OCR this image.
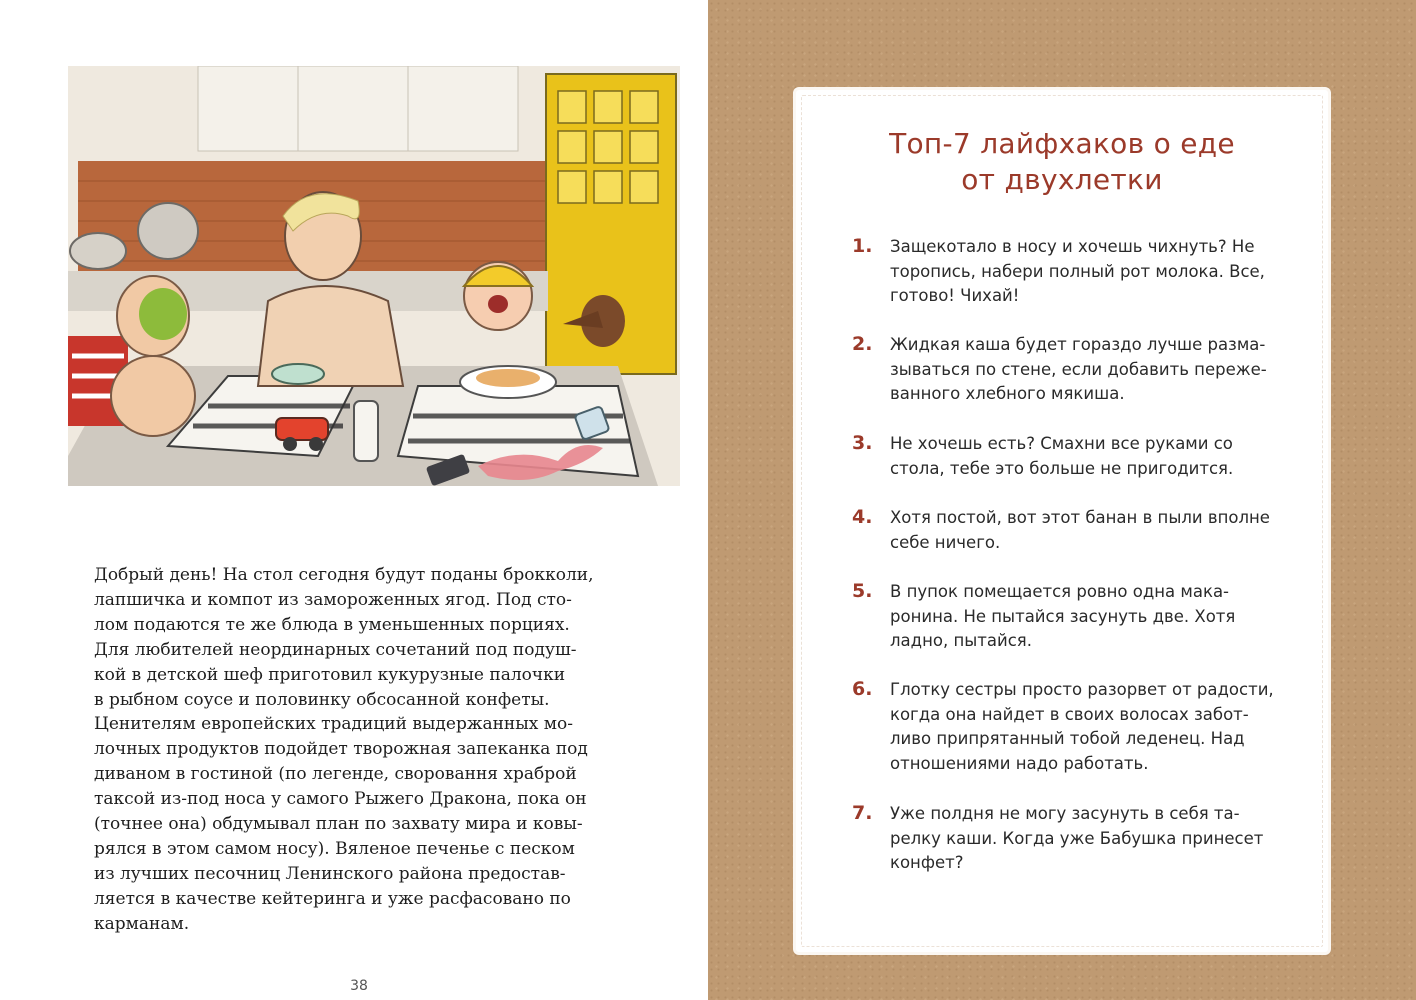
Добрый день! На стол сегодня будут поданы брокколи,
лапшичка и компот из замороженных ягод. Под сто-
лом подаются те же блюда в уменьшенных порциях.
Для любителей неординарных сочетаний под подуш-
кой в детской шеф приготовил кукурузные палочки
в рыбном соусе и половинку обсосанной конфеты.
Ценителям европейских традиций выдержанных мо-
лочных продуктов подойдет творожная запеканка под
диваном в гостиной (по легенде, своровання храброй
таксой из-под носа у самого Рыжего Дракона, пока он
(точнее она) обдумывал план по захвату мира и ковы-
рялся в этом самом носу). Вяленое печенье с песком
из лучших песочниц Ленинского района предостав-
ляется в качестве кейтеринга и уже расфасовано по
карманам.

38
Топ-7 лайфхаков о еде
от двухлетки
1. Защекотало в носу и хочешь чихнуть? Не
торопись, набери полный рот молока. Все,
готово! Чихай!
2. Жидкая каша будет гораздо лучше разма-
зываться по стене, если добавить переже-
ванного хлебного мякиша.
3. Не хочешь есть? Смахни все руками со
стола, тебе это больше не пригодится.
4. Хотя постой, вот этот банан в пыли вполне
себе ничего.
5. В пупок помещается ровно одна мака-
ронина. Не пытайся засунуть две. Хотя
ладно, пытайся.
6. Глотку сестры просто разорвет от радости,
когда она найдет в своих волосах забот-
ливо припрятанный тобой леденец. Над
отношениями надо работать.
7. Уже полдня не могу засунуть в себя та-
релку каши. Когда уже Бабушка принесет
конфет?
